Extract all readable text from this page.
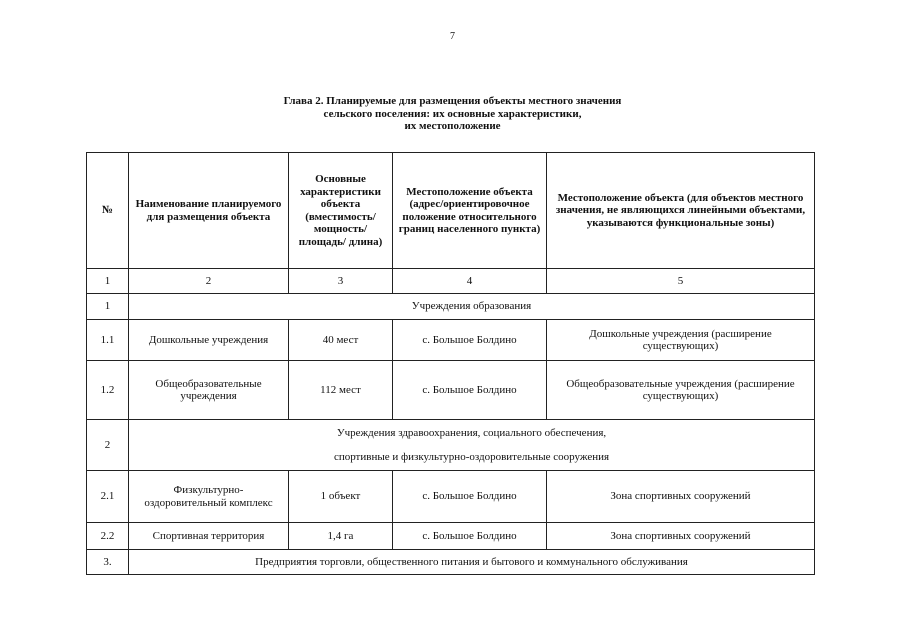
7
Глава 2. Планируемые для размещения объекты местного значения
сельского поселения: их основные характеристики,
их местоположение
№	Наименование планируемого для размещения объекта	Основные характеристики объекта (вместимость/ мощность/ площадь/ длина)	Местоположение объекта (адрес/ориентировочное положение относительного границ населенного пункта)	Местоположение объекта (для объектов местного значения, не являющихся линейными объектами, указываются функциональные зоны)
1	2	3	4	5
1	Учреждения образования			
1.1	Дошкольные учреждения	40 мест	с. Большое Болдино	Дошкольные учреждения (расширение существующих)
1.2	Общеобразовательные учреждения	112 мест	с. Большое Болдино	Общеобразовательные учреждения (расширение существующих)
2	Учреждения здравоохранения, социального обеспечения,
спортивные и физкультурно-оздоровительные сооружения			

2.1	Физкультурно-оздоровительный комплекс	1 объект	с. Большое Болдино	Зона спортивных сооружений
2.2	Спортивная территория	1,4 га	с. Большое Болдино	Зона спортивных сооружений
3.	Предприятия торговли, общественного питания и бытового и коммунального обслуживания			
